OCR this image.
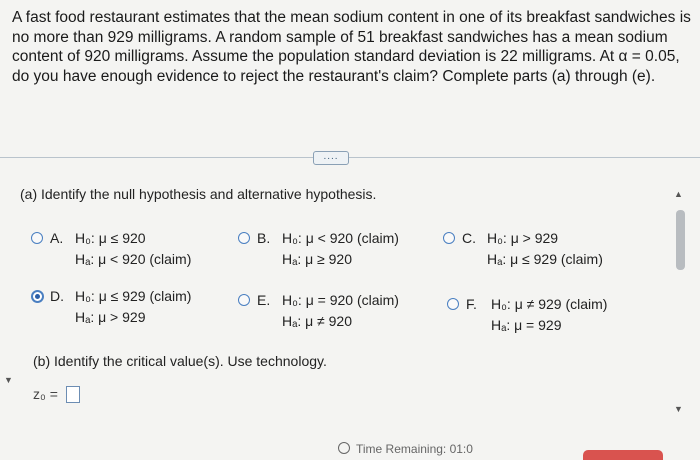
A fast food restaurant estimates that the mean sodium content in one of its breakfast sandwiches is no more than 929 milligrams. A random sample of 51 breakfast sandwiches has a mean sodium content of 920 milligrams. Assume the population standard deviation is 22 milligrams. At α = 0.05, do you have enough evidence to reject the restaurant's claim? Complete parts (a) through (e).
....
(a) Identify the null hypothesis and alternative hypothesis.
A. H₀: μ ≤ 920
Hₐ: μ < 920 (claim)
B. H₀: μ < 920 (claim)
Hₐ: μ ≥ 920
C. H₀: μ > 929
Hₐ: μ ≤ 929 (claim)
D. H₀: μ ≤ 929 (claim)
Hₐ: μ > 929
E. H₀: μ = 920 (claim)
Hₐ: μ ≠ 920
F. H₀: μ ≠ 929 (claim)
Hₐ: μ = 929
(b) Identify the critical value(s). Use technology.
▼
z₀ =
▲
▼
Time Remaining: 01:0
